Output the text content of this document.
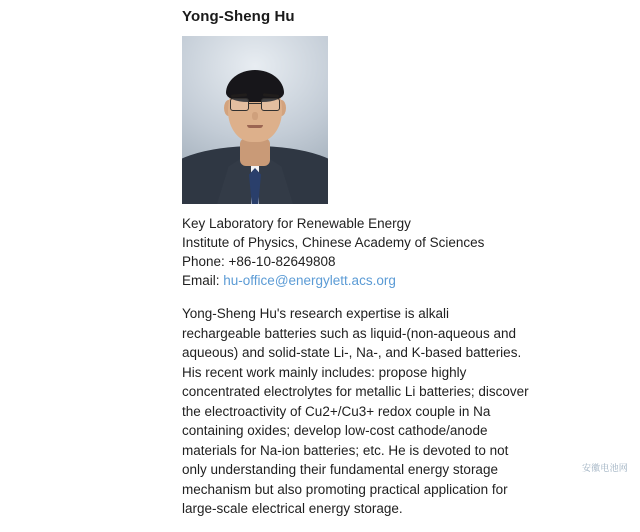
Yong-Sheng Hu
Key Laboratory for Renewable Energy
Institute of Physics, Chinese Academy of Sciences
Phone: +86-10-82649808
Email: hu-office@energylett.acs.org

Yong-Sheng Hu's research expertise is alkali rechargeable batteries such as liquid-(non-aqueous and aqueous) and solid-state Li-, Na-, and K-based batteries. His recent work mainly includes: propose highly concentrated electrolytes for metallic Li batteries; discover the electroactivity of Cu2+/Cu3+ redox couple in Na containing oxides; develop low-cost cathode/anode materials for Na-ion batteries; etc. He is devoted to not only understanding their fundamental energy storage mechanism but also promoting practical application for large-scale electrical energy storage.

安徽电池网
